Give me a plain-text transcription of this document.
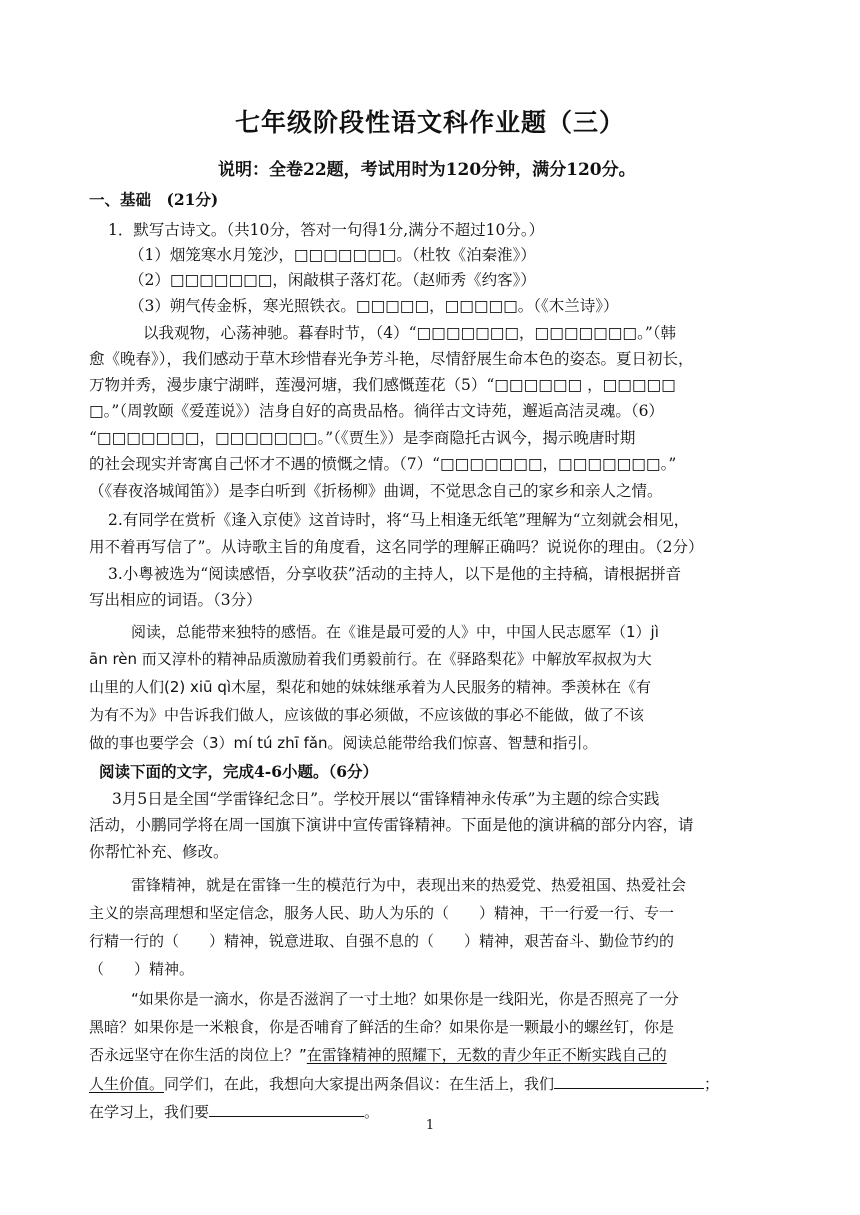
七年级阶段性语文科作业题（三）
说明：全卷22题，考试用时为120分钟，满分120分。
一、基础　(21分)
1．默写古诗文。（共10分，答对一句得1分,满分不超过10分。）
（1）烟笼寒水月笼沙，□□□□□□□。（杜牧《泊秦淮》）
（2）□□□□□□□，闲敲棋子落灯花。（赵师秀《约客》）
（3）朔气传金柝，寒光照铁衣。□□□□□，□□□□□。（《木兰诗》）
以我观物，心荡神驰。暮春时节，（4）“□□□□□□□，□□□□□□□。”（韩
愈《晚春》），我们感动于草木珍惜春光争芳斗艳，尽情舒展生命本色的姿态。夏日初长，
万物并秀，漫步康宁湖畔，莲漫河塘，我们感慨莲花（5）“□□□□□□ ，□□□□□
□。”（周敦颐《爱莲说》）洁身自好的高贵品格。徜徉古文诗苑，邂逅高洁灵魂。（6）
“□□□□□□□，□□□□□□□。”（《贾生》）是李商隐托古讽今，揭示晚唐时期
的社会现实并寄寓自己怀才不遇的愤慨之情。（7）“□□□□□□□，□□□□□□□。”
（《春夜洛城闻笛》）是李白听到《折杨柳》曲调，不觉思念自己的家乡和亲人之情。
2.有同学在赏析《逢入京使》这首诗时，将“马上相逢无纸笔”理解为“立刻就会相见，
用不着再写信了”。从诗歌主旨的角度看，这名同学的理解正确吗？说说你的理由。（2分）
3.小粤被选为“阅读感悟，分享收获”活动的主持人，以下是他的主持稿，请根据拼音
写出相应的词语。（3分）
阅读，总能带来独特的感悟。在《谁是最可爱的人》中，中国人民志愿军（1）jì
ān rèn 而又淳朴的精神品质激励着我们勇毅前行。在《驿路梨花》中解放军叔叔为大
山里的人们(2) xiū qì木屋，梨花和她的妹妹继承着为人民服务的精神。季羡林在《有
为有不为》中告诉我们做人，应该做的事必须做，不应该做的事必不能做，做了不该
做的事也要学会（3）mí tú zhī fǎn。阅读总能带给我们惊喜、智慧和指引。
阅读下面的文字，完成4-6小题。（6分）
3月5日是全国“学雷锋纪念日”。学校开展以“雷锋精神永传承”为主题的综合实践
活动，小鹏同学将在周一国旗下演讲中宣传雷锋精神。下面是他的演讲稿的部分内容，请
你帮忙补充、修改。
雷锋精神，就是在雷锋一生的模范行为中，表现出来的热爱党、热爱祖国、热爱社会
主义的崇高理想和坚定信念，服务人民、助人为乐的（　　）精神，干一行爱一行、专一
行精一行的（　　）精神，锐意进取、自强不息的（　　）精神，艰苦奋斗、勤俭节约的
（　　）精神。
“如果你是一滴水，你是否滋润了一寸土地？如果你是一线阳光，你是否照亮了一分
黑暗？如果你是一米粮食，你是否哺育了鲜活的生命？如果你是一颗最小的螺丝钉，你是
否永远坚守在你生活的岗位上？”在雷锋精神的照耀下，无数的青少年正不断实践自己的
人生价值。同学们，在此，我想向大家提出两条倡议：在生活上，我们	；
在学习上，我们要	。
1
